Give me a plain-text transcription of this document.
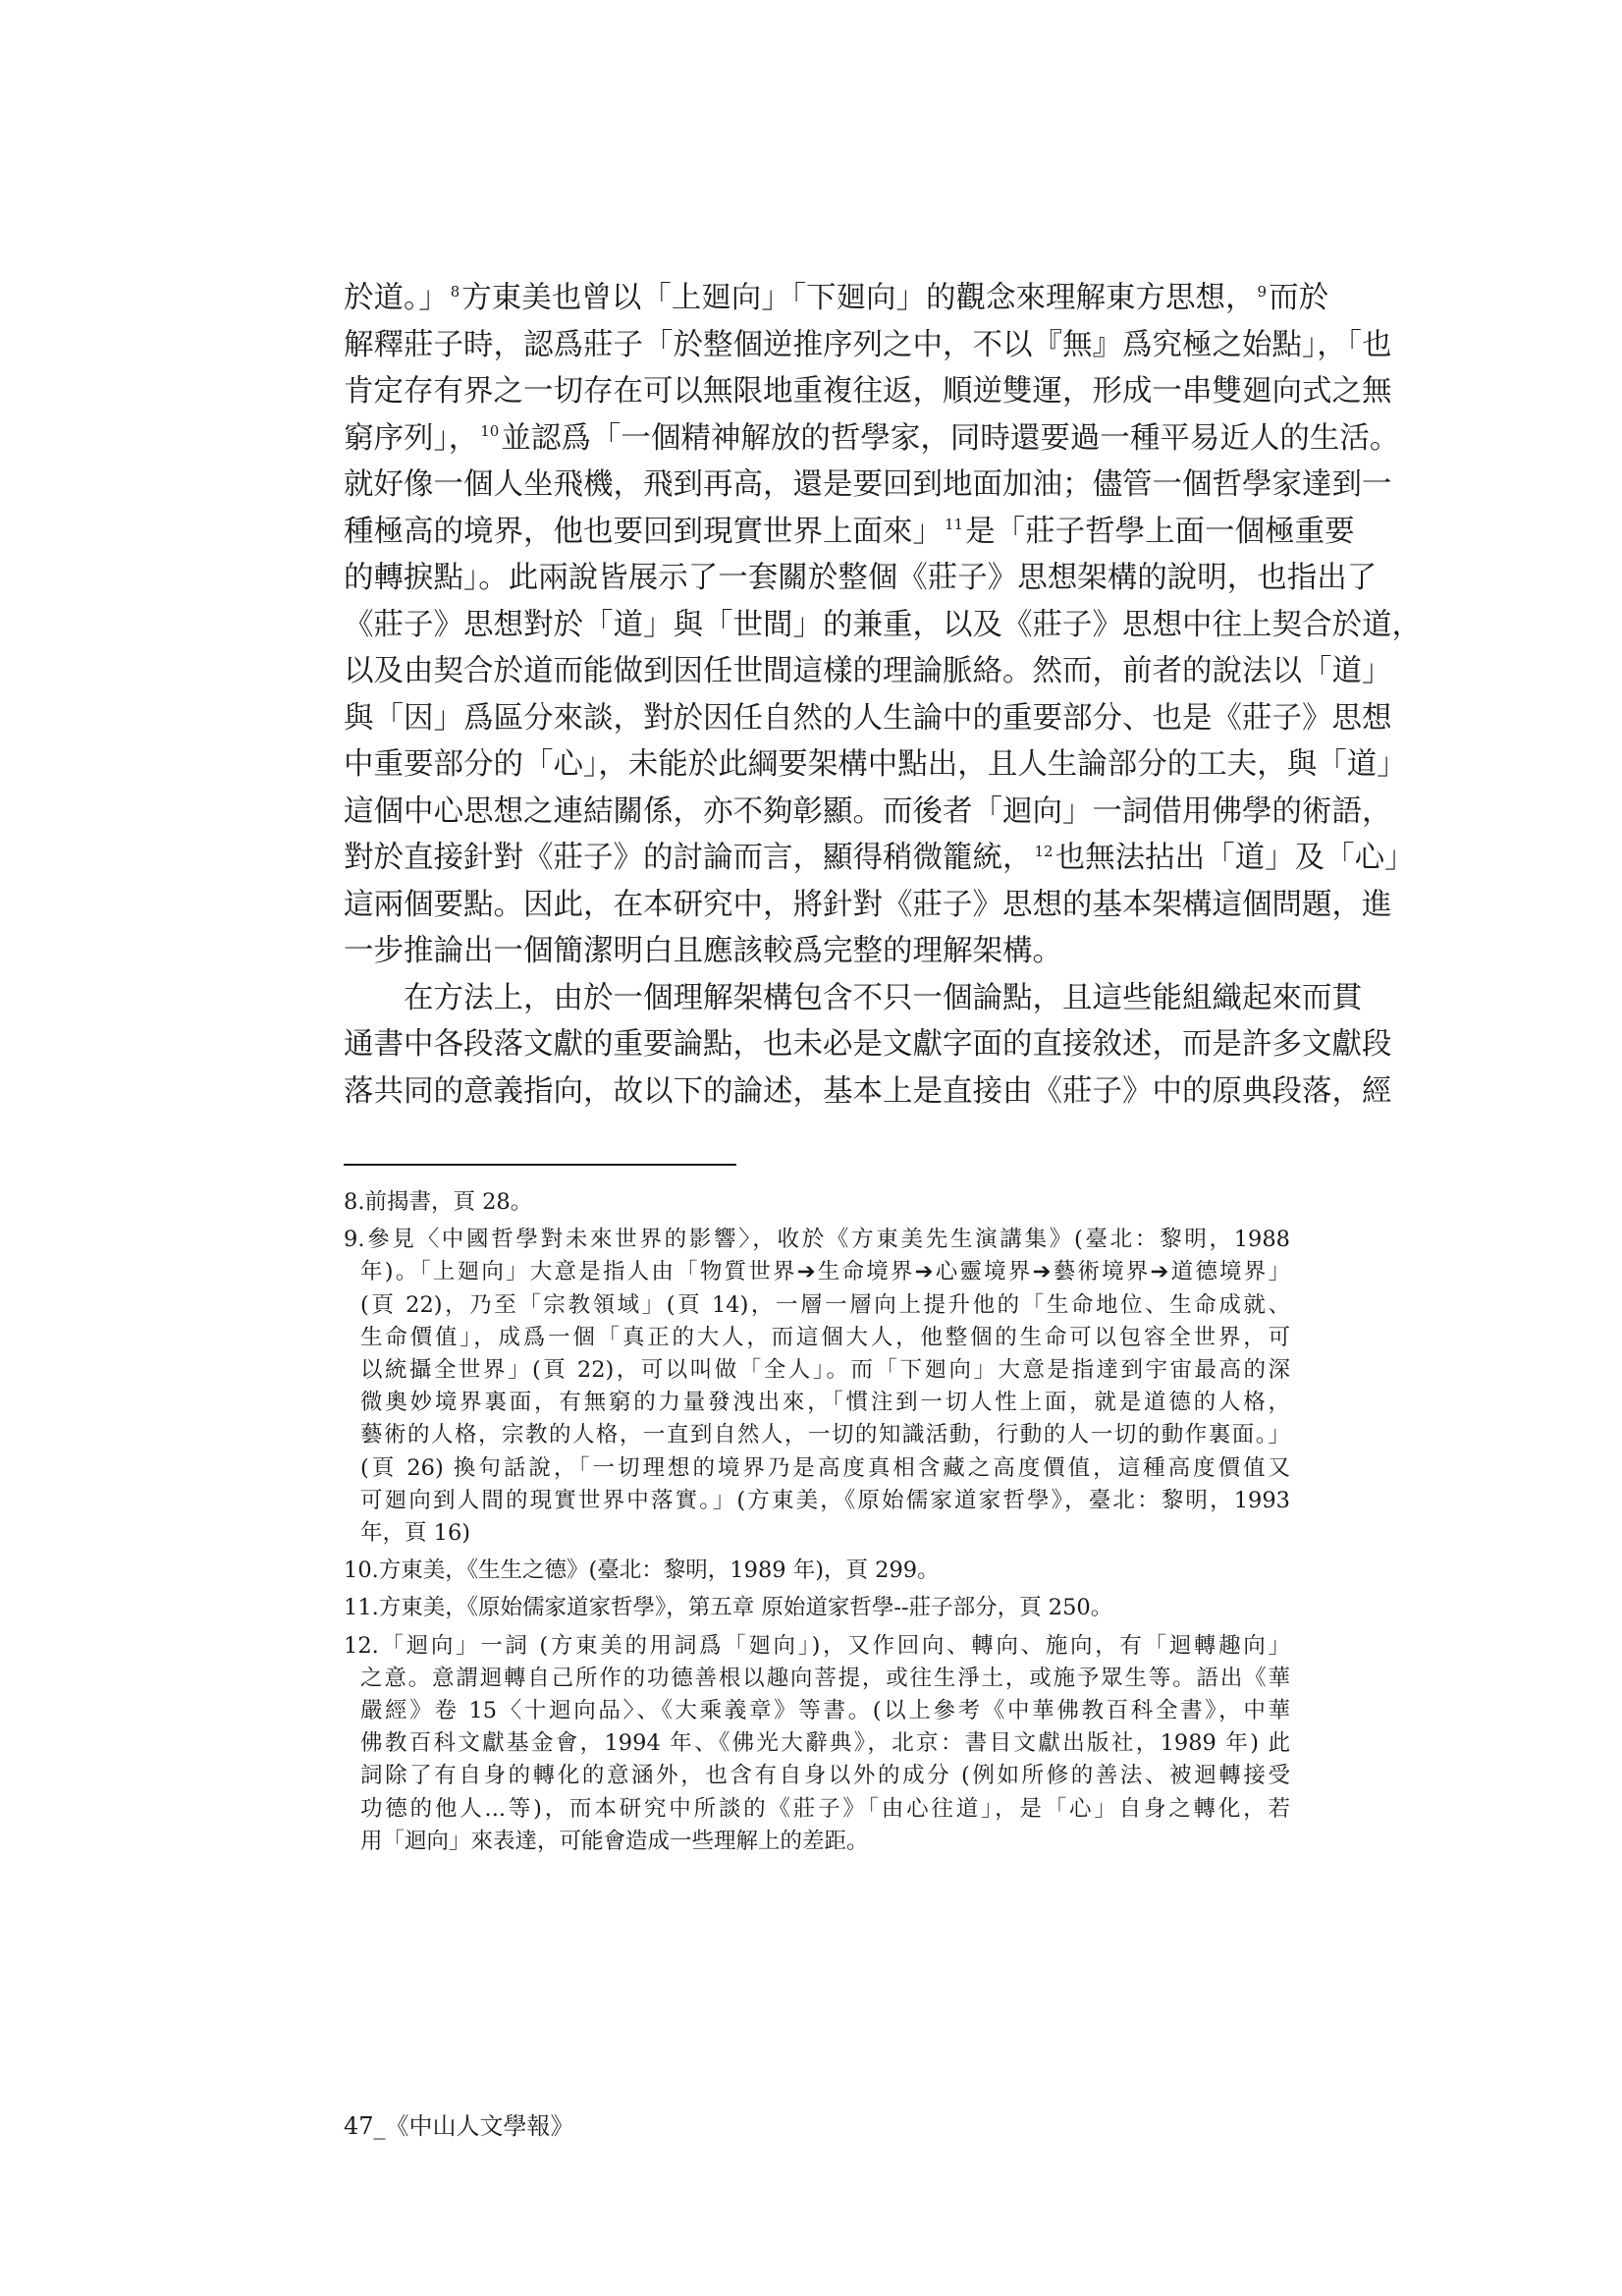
於道。」 $^8$方東美也曾以「上廻向」「下廻向」的觀念來理解東方思想， $^9$而於

解釋莊子時，認爲莊子「於整個逆推序列之中，不以『無』爲究極之始點」，「也

肯定存有界之一切存在可以無限地重複往返，順逆雙運，形成一串雙廻向式之無

窮序列」， $^{10}$並認爲「一個精神解放的哲學家，同時還要過一種平易近人的生活。

就好像一個人坐飛機，飛到再高，還是要回到地面加油；儘管一個哲學家達到一

種極高的境界，他也要回到現實世界上面來」 $^{11}$是「莊子哲學上面一個極重要

的轉捩點」。此兩說皆展示了一套關於整個《莊子》思想架構的說明，也指出了

《莊子》思想對於「道」與「世間」的兼重，以及《莊子》思想中往上契合於道，

以及由契合於道而能做到因任世間這樣的理論脈絡。然而，前者的說法以「道」

與「因」爲區分來談，對於因任自然的人生論中的重要部分、也是《莊子》思想

中重要部分的「心」，未能於此綱要架構中點出，且人生論部分的工夫，與「道」

這個中心思想之連結關係，亦不夠彰顯。而後者「迴向」一詞借用佛學的術語，

對於直接針對《莊子》的討論而言，顯得稍微籠統， $^{12}$也無法拈出「道」及「心」

這兩個要點。因此，在本研究中，將針對《莊子》思想的基本架構這個問題，進

一步推論出一個簡潔明白且應該較爲完整的理解架構。

在方法上，由於一個理解架構包含不只一個論點，且這些能組織起來而貫

通書中各段落文獻的重要論點，也未必是文獻字面的直接敘述，而是許多文獻段

落共同的意義指向，故以下的論述，基本上是直接由《莊子》中的原典段落，經

8.前揭書，頁 28。
9.參見〈中國哲學對未來世界的影響〉，收於《方東美先生演講集》(臺北：黎明，1988
年)。「上廻向」大意是指人由「物質世界➔生命境界➔心靈境界➔藝術境界➔道德境界」
(頁 22)，乃至「宗教領域」(頁 14)，一層一層向上提升他的「生命地位、生命成就、
生命價值」，成爲一個「真正的大人，而這個大人，他整個的生命可以包容全世界，可
以統攝全世界」(頁 22)，可以叫做「全人」。而「下廻向」大意是指達到宇宙最高的深
微奧妙境界裏面，有無窮的力量發洩出來，「慣注到一切人性上面，就是道德的人格，
藝術的人格，宗教的人格，一直到自然人，一切的知識活動，行動的人一切的動作裏面。」
(頁 26) 換句話說，「一切理想的境界乃是高度真相含藏之高度價值，這種高度價值又
可廻向到人間的現實世界中落實。」(方東美，《原始儒家道家哲學》，臺北：黎明，1993
年，頁 16)
10.方東美，《生生之德》(臺北：黎明，1989 年)，頁 299。
11.方東美，《原始儒家道家哲學》，第五章 原始道家哲學--莊子部分，頁 250。
12.「迴向」一詞 (方東美的用詞爲「廻向」)，又作回向、轉向、施向，有「迴轉趣向」
之意。意謂迴轉自己所作的功德善根以趣向菩提，或往生淨土，或施予眾生等。語出《華
嚴經》卷 15〈十迴向品〉、《大乘義章》等書。(以上參考《中華佛教百科全書》，中華
佛教百科文獻基金會，1994 年、《佛光大辭典》，北京：書目文獻出版社，1989 年) 此
詞除了有自身的轉化的意涵外，也含有自身以外的成分 (例如所修的善法、被迴轉接受
功德的他人...等)，而本研究中所談的《莊子》「由心往道」，是「心」自身之轉化，若
用「迴向」來表達，可能會造成一些理解上的差距。
47_《中山人文學報》
